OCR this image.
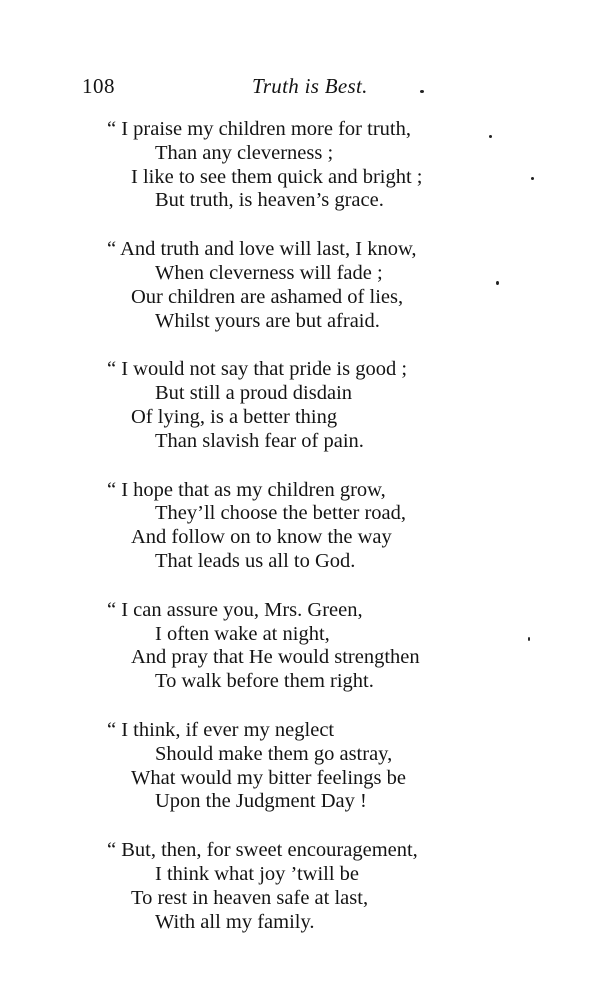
108	Truth is Best.
“ I praise my children more for truth,
Than any cleverness ;
I like to see them quick and bright ;
But truth, is heaven’s grace.
“ And truth and love will last, I know,
When cleverness will fade ;
Our children are ashamed of lies,
Whilst yours are but afraid.
“ I would not say that pride is good ;
But still a proud disdain
Of lying, is a better thing
Than slavish fear of pain.
“ I hope that as my children grow,
They’ll choose the better road,
And follow on to know the way
That leads us all to God.
“ I can assure you, Mrs. Green,
I often wake at night,
And pray that He would strengthen
To walk before them right.
“ I think, if ever my neglect
Should make them go astray,
What would my bitter feelings be
Upon the Judgment Day !
“ But, then, for sweet encouragement,
I think what joy ’twill be
To rest in heaven safe at last,
With all my family.
